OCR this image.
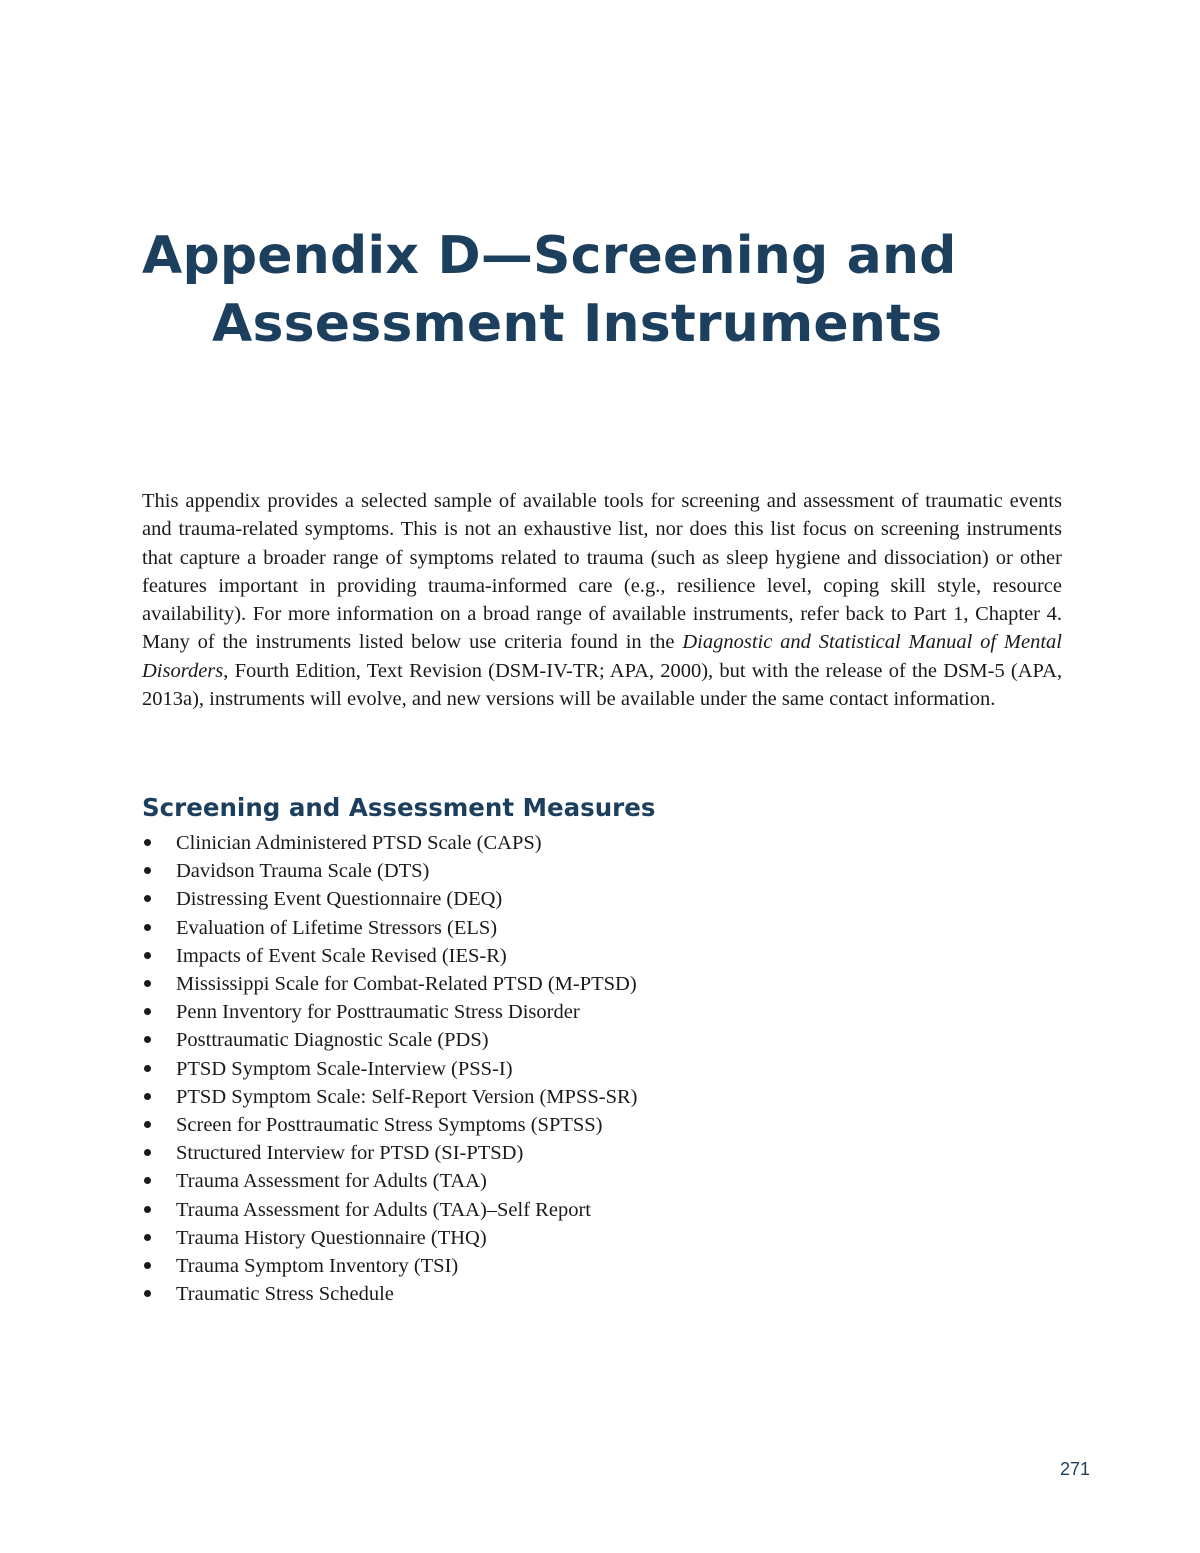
Appendix D—Screening and
Assessment Instruments

This appendix provides a selected sample of available tools for screening and assessment of traumatic events and trauma-related symptoms. This is not an exhaustive list, nor does this list focus on screening instruments that capture a broader range of symptoms related to trauma (such as sleep hygiene and dissociation) or other features important in providing trauma-informed care (e.g., resilience level, coping skill style, resource availability). For more information on a broad range of available instruments, refer back to Part 1, Chapter 4. Many of the instruments listed below use criteria found in the Diagnostic and Statistical Manual of Mental Disorders, Fourth Edition, Text Revision (DSM-IV-TR; APA, 2000), but with the release of the DSM-5 (APA, 2013a), instruments will evolve, and new versions will be available under the same contact information.

Screening and Assessment Measures
Clinician Administered PTSD Scale (CAPS)
Davidson Trauma Scale (DTS)
Distressing Event Questionnaire (DEQ)
Evaluation of Lifetime Stressors (ELS)
Impacts of Event Scale Revised (IES-R)
Mississippi Scale for Combat-Related PTSD (M-PTSD)
Penn Inventory for Posttraumatic Stress Disorder
Posttraumatic Diagnostic Scale (PDS)
PTSD Symptom Scale-Interview (PSS-I)
PTSD Symptom Scale: Self-Report Version (MPSS-SR)
Screen for Posttraumatic Stress Symptoms (SPTSS)
Structured Interview for PTSD (SI-PTSD)
Trauma Assessment for Adults (TAA)
Trauma Assessment for Adults (TAA)–Self Report
Trauma History Questionnaire (THQ)
Trauma Symptom Inventory (TSI)
Traumatic Stress Schedule
271
